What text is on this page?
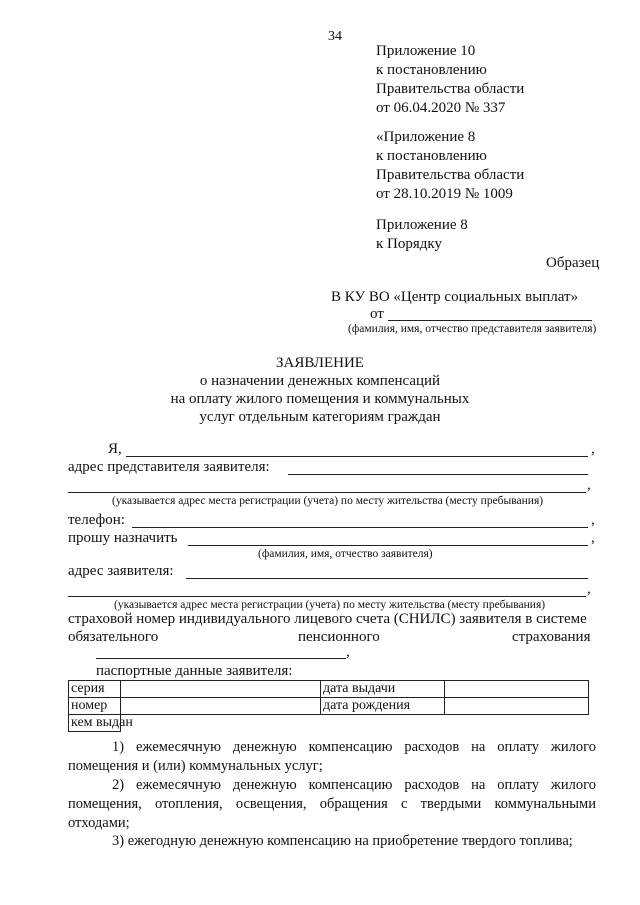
34
Приложение 10
к постановлению
Правительства области
от 06.04.2020 № 337
«Приложение 8
к постановлению
Правительства области
от 28.10.2019 № 1009
Приложение 8
к Порядку
Образец
В КУ ВО «Центр социальных выплат»
от
(фамилия, имя, отчество представителя заявителя)
ЗАЯВЛЕНИЕ
о назначении денежных компенсаций
на оплату жилого помещения и коммунальных
услуг отдельным категориям граждан
Я,	,
адрес представителя заявителя:
,
(указывается адрес места регистрации (учета) по месту жительства (месту пребывания)
телефон:	,
прошу назначить	,
(фамилия, имя, отчество заявителя)
адрес заявителя:
,
(указывается адрес места регистрации (учета) по месту жительства (месту пребывания)
страховой номер индивидуального лицевого счета (СНИЛС) заявителя в системе
обязательного	пенсионного	страхования
,
паспортные данные заявителя:
серия		дата выдачи	
номер		дата рождения	
кем выдан			

1) ежемесячную денежную компенсацию расходов на оплату жилого помещения и (или) коммунальных услуг;

2) ежемесячную денежную компенсацию расходов на оплату жилого помещения, отопления, освещения, обращения с твердыми коммунальными отходами;

3) ежегодную денежную компенсацию на приобретение твердого топлива;
